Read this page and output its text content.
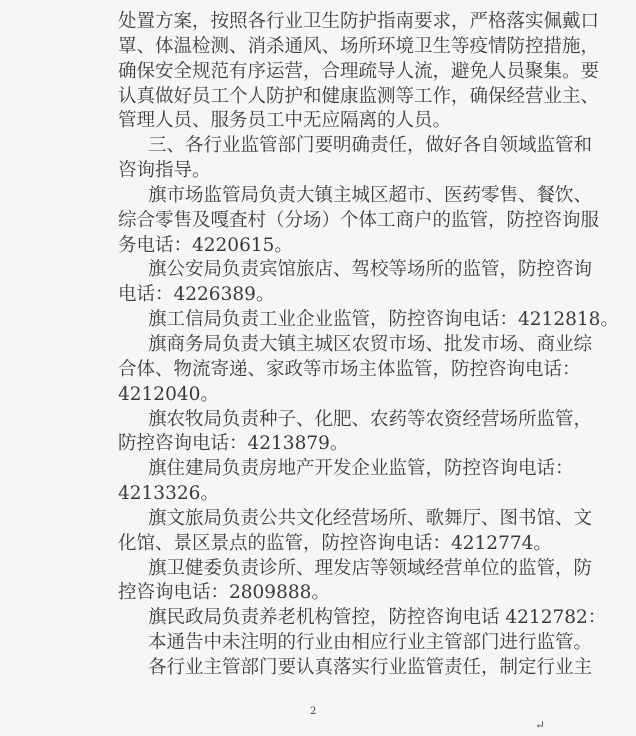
处置方案，按照各行业卫生防护指南要求，严格落实佩戴口
罩、体温检测、消杀通风、场所环境卫生等疫情防控措施，
确保安全规范有序运营，合理疏导人流，避免人员聚集。要
认真做好员工个人防护和健康监测等工作，确保经营业主、
管理人员、服务员工中无应隔离的人员。
三、各行业监管部门要明确责任，做好各自领域监管和
咨询指导。
旗市场监管局负责大镇主城区超市、医药零售、餐饮、
综合零售及嘎査村（分场）个体工商户的监管，防控咨询服
务电话：4220615。
旗公安局负责宾馆旅店、驾校等场所的监管，防控咨询
电话：4226389。
旗工信局负责工业企业监管，防控咨询电话：4212818。
旗商务局负责大镇主城区农贸市场、批发市场、商业综
合体、物流寄递、家政等市场主体监管，防控咨询电话：
4212040。
旗农牧局负责种子、化肥、农药等农资经营场所监管，
防控咨询电话：4213879。
旗住建局负责房地产开发企业监管，防控咨询电话：
4213326。
旗文旅局负责公共文化经营场所、歌舞厅、图书馆、文
化馆、景区景点的监管，防控咨询电话：4212774。
旗卫健委负责诊所、理发店等领域经营单位的监管，防
控咨询电话：2809888。
旗民政局负责养老机构管控，防控咨询电话 4212782：
本通告中未注明的行业由相应行业主管部门进行监管。
各行业主管部门要认真落实行业监管责任，制定行业主
2
↵
